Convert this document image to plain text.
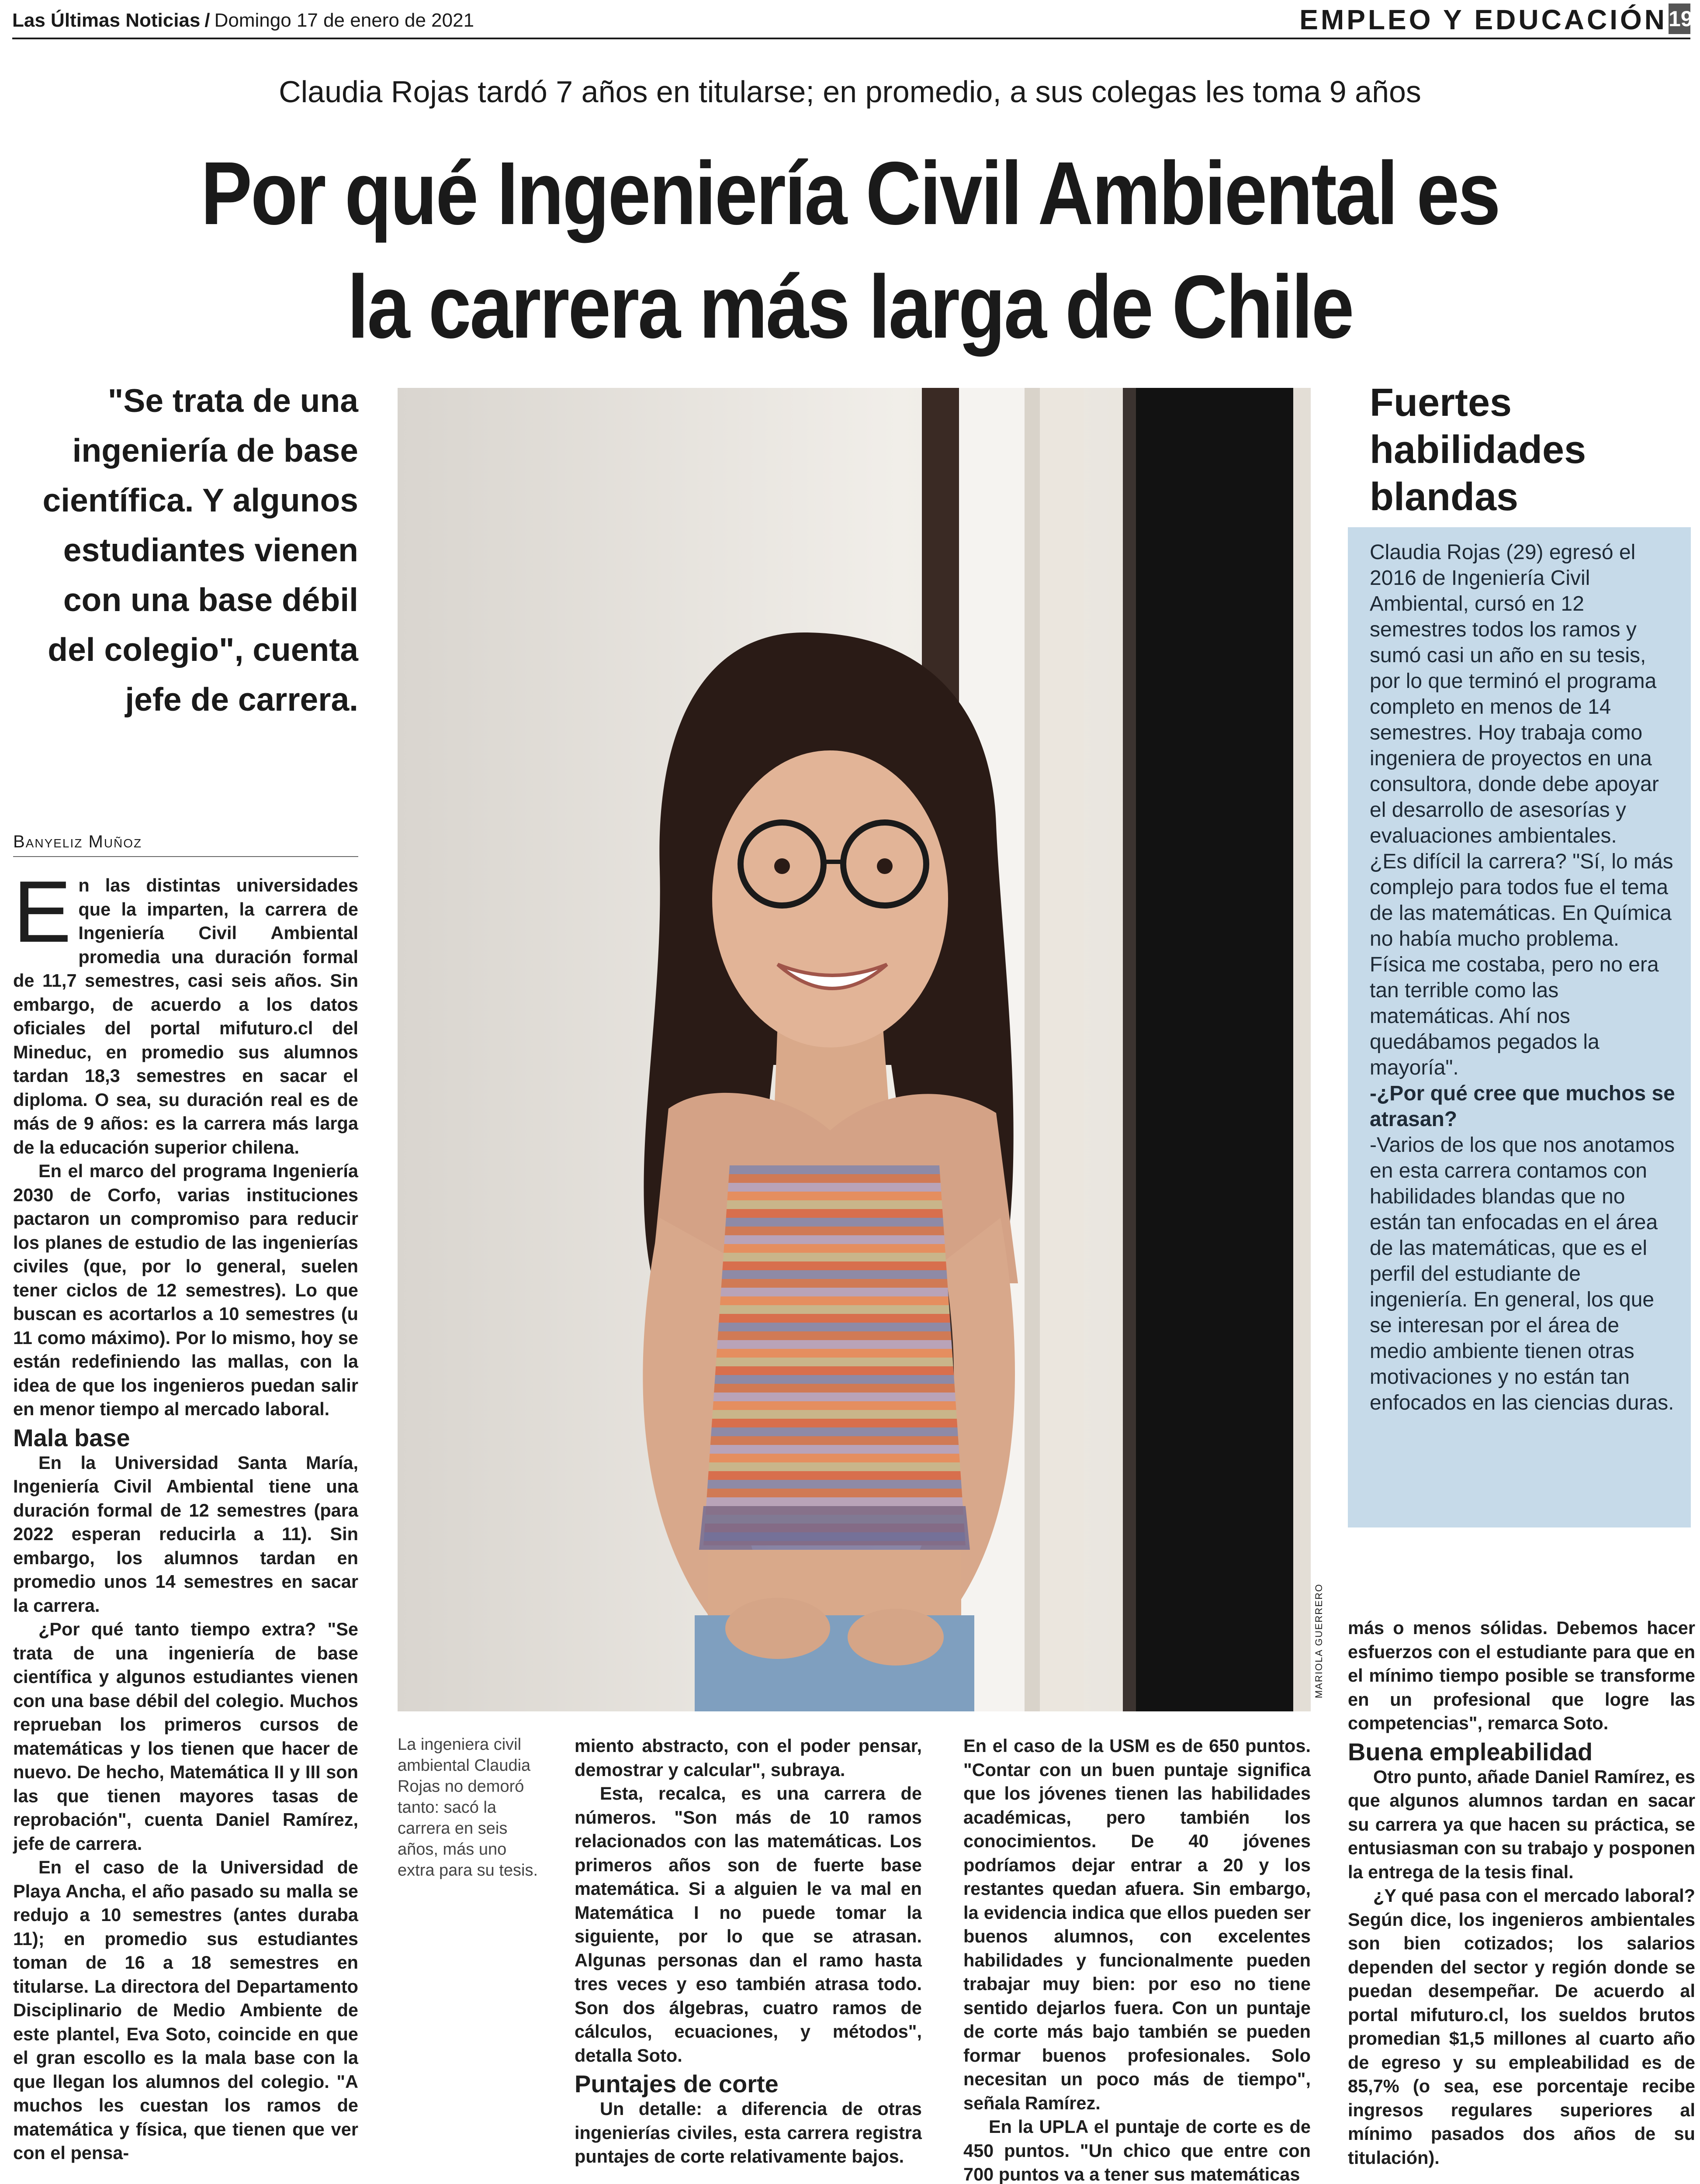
Las Últimas Noticias / Domingo 17 de enero de 2021	EMPLEO Y EDUCACIÓN 19
Claudia Rojas tardó 7 años en titularse; en promedio, a sus colegas les toma 9 años
Por qué Ingeniería Civil Ambiental es
la carrera más larga de Chile
"Se trata de una ingeniería de base científica. Y algunos estudiantes vienen con una base débil del colegio", cuenta jefe de carrera.
Banyeliz Muñoz

En las distintas universidades que la imparten, la carrera de Ingeniería Civil Ambiental promedia una duración formal de 11,7 semestres, casi seis años. Sin embargo, de acuerdo a los datos oficiales del portal mifuturo.cl del Mineduc, en promedio sus alumnos tardan 18,3 semestres en sacar el diploma. O sea, su duración real es de más de 9 años: es la carrera más larga de la educación superior chilena.

En el marco del programa Ingeniería 2030 de Corfo, varias instituciones pactaron un compromiso para reducir los planes de estudio de las ingenierías civiles (que, por lo general, suelen tener ciclos de 12 semestres). Lo que buscan es acortarlos a 10 semestres (u 11 como máximo). Por lo mismo, hoy se están redefiniendo las mallas, con la idea de que los ingenieros puedan salir en menor tiempo al mercado laboral.

Mala base

En la Universidad Santa María, Ingeniería Civil Ambiental tiene una duración formal de 12 semestres (para 2022 esperan reducirla a 11). Sin embargo, los alumnos tardan en promedio unos 14 semestres en sacar la carrera.

¿Por qué tanto tiempo extra? "Se trata de una ingeniería de base científica y algunos estudiantes vienen con una base débil del colegio. Muchos reprueban los primeros cursos de matemáticas y los tienen que hacer de nuevo. De hecho, Matemática II y III son las que tienen mayores tasas de reprobación", cuenta Daniel Ramírez, jefe de carrera.

En el caso de la Universidad de Playa Ancha, el año pasado su malla se redujo a 10 semestres (antes duraba 11); en promedio sus estudiantes toman de 16 a 18 semestres en titularse. La directora del Departamento Disciplinario de Medio Ambiente de este plantel, Eva Soto, coincide en que el gran escollo es la mala base con la que llegan los alumnos del colegio. "A muchos les cuestan los ramos de matemática y física, que tienen que ver con el pensa-

MARIOLA GUERRERO
La ingeniera civil ambiental Claudia Rojas no demoró tanto: sacó la carrera en seis años, más uno extra para su tesis.

miento abstracto, con el poder pensar, demostrar y calcular", subraya.

Esta, recalca, es una carrera de números. "Son más de 10 ramos relacionados con las matemáticas. Los primeros años son de fuerte base matemática. Si a alguien le va mal en Matemática I no puede tomar la siguiente, por lo que se atrasan. Algunas personas dan el ramo hasta tres veces y eso también atrasa todo. Son dos álgebras, cuatro ramos de cálculos, ecuaciones, y métodos", detalla Soto.

Puntajes de corte

Un detalle: a diferencia de otras ingenierías civiles, esta carrera registra puntajes de corte relativamente bajos.

En el caso de la USM es de 650 puntos. "Contar con un buen puntaje significa que los jóvenes tienen las habilidades académicas, pero también los conocimientos. De 40 jóvenes podríamos dejar entrar a 20 y los restantes quedan afuera. Sin embargo, la evidencia indica que ellos pueden ser buenos alumnos, con excelentes habilidades y funcionalmente pueden trabajar muy bien: por eso no tiene sentido dejarlos fuera. Con un puntaje de corte más bajo también se pueden formar buenos profesionales. Solo necesitan un poco más de tiempo", señala Ramírez.

En la UPLA el puntaje de corte es de 450 puntos. "Un chico que entre con 700 puntos va a tener sus matemáticas

más o menos sólidas. Debemos hacer esfuerzos con el estudiante para que en el mínimo tiempo posible se transforme en un profesional que logre las competencias", remarca Soto.

Buena empleabilidad

Otro punto, añade Daniel Ramírez, es que algunos alumnos tardan en sacar su carrera ya que hacen su práctica, se entusiasman con su trabajo y posponen la entrega de la tesis final.

¿Y qué pasa con el mercado laboral? Según dice, los ingenieros ambientales son bien cotizados; los salarios dependen del sector y región donde se puedan desempeñar. De acuerdo al portal mifuturo.cl, los sueldos brutos promedian $1,5 millones al cuarto año de egreso y su empleabilidad es de 85,7% (o sea, ese porcentaje recibe ingresos regulares superiores al mínimo pasados dos años de su titulación).

Fuertes habilidades blandas

Claudia Rojas (29) egresó el 2016 de Ingeniería Civil Ambiental, cursó en 12 semestres todos los ramos y sumó casi un año en su tesis, por lo que terminó el programa completo en menos de 14 semestres. Hoy trabaja como ingeniera de proyectos en una consultora, donde debe apoyar el desarrollo de asesorías y evaluaciones ambientales.

¿Es difícil la carrera? "Sí, lo más complejo para todos fue el tema de las matemáticas. En Química no había mucho problema. Física me costaba, pero no era tan terrible como las matemáticas. Ahí nos quedábamos pegados la mayoría".

-¿Por qué cree que muchos se atrasan?

-Varios de los que nos anotamos en esta carrera contamos con habilidades blandas que no están tan enfocadas en el área de las matemáticas, que es el perfil del estudiante de ingeniería. En general, los que se interesan por el área de medio ambiente tienen otras motivaciones y no están tan enfocados en las ciencias duras.
